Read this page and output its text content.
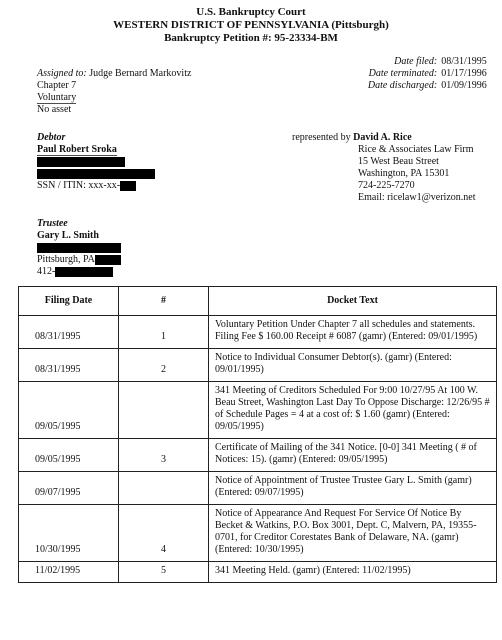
U.S. Bankruptcy Court
WESTERN DISTRICT OF PENNSYLVANIA (Pittsburgh)
Bankruptcy Petition #: 95-23334-BM
Date filed: 08/31/1995
Date terminated: 01/17/1996
Date discharged: 01/09/1996
Assigned to: Judge Bernard Markovitz
Chapter 7
Voluntary
No asset
Debtor
Paul Robert Sroka
SSN / ITIN: xxx-xx-
represented by David A. Rice
Rice & Associates Law Firm
15 West Beau Street
Washington, PA 15301
724-225-7270
Email: ricelaw1@verizon.net
Trustee
Gary L. Smith
Pittsburgh, PA
412-
Filing Date	#	Docket Text
08/31/1995	1	Voluntary Petition Under Chapter 7 all schedules and statements. Filing Fee $ 160.00 Receipt # 6087 (gamr) (Entered: 09/01/1995)
08/31/1995	2	Notice to Individual Consumer Debtor(s). (gamr) (Entered: 09/01/1995)
09/05/1995		341 Meeting of Creditors Scheduled For 9:00 10/27/95 At 100 W. Beau Street, Washington Last Day To Oppose Discharge: 12/26/95 # of Schedule Pages = 4 at a cost of: $ 1.60 (gamr) (Entered: 09/05/1995)
09/05/1995	3	Certificate of Mailing of the 341 Notice. [0-0] 341 Meeting ( # of Notices: 15). (gamr) (Entered: 09/05/1995)
09/07/1995		Notice of Appointment of Trustee Trustee Gary L. Smith (gamr) (Entered: 09/07/1995)
10/30/1995	4	Notice of Appearance And Request For Service Of Notice By Becket & Watkins, P.O. Box 3001, Dept. C, Malvern, PA, 19355-0701, for Creditor Corestates Bank of Delaware, NA. (gamr) (Entered: 10/30/1995)
11/02/1995	5	341 Meeting Held. (gamr) (Entered: 11/02/1995)
